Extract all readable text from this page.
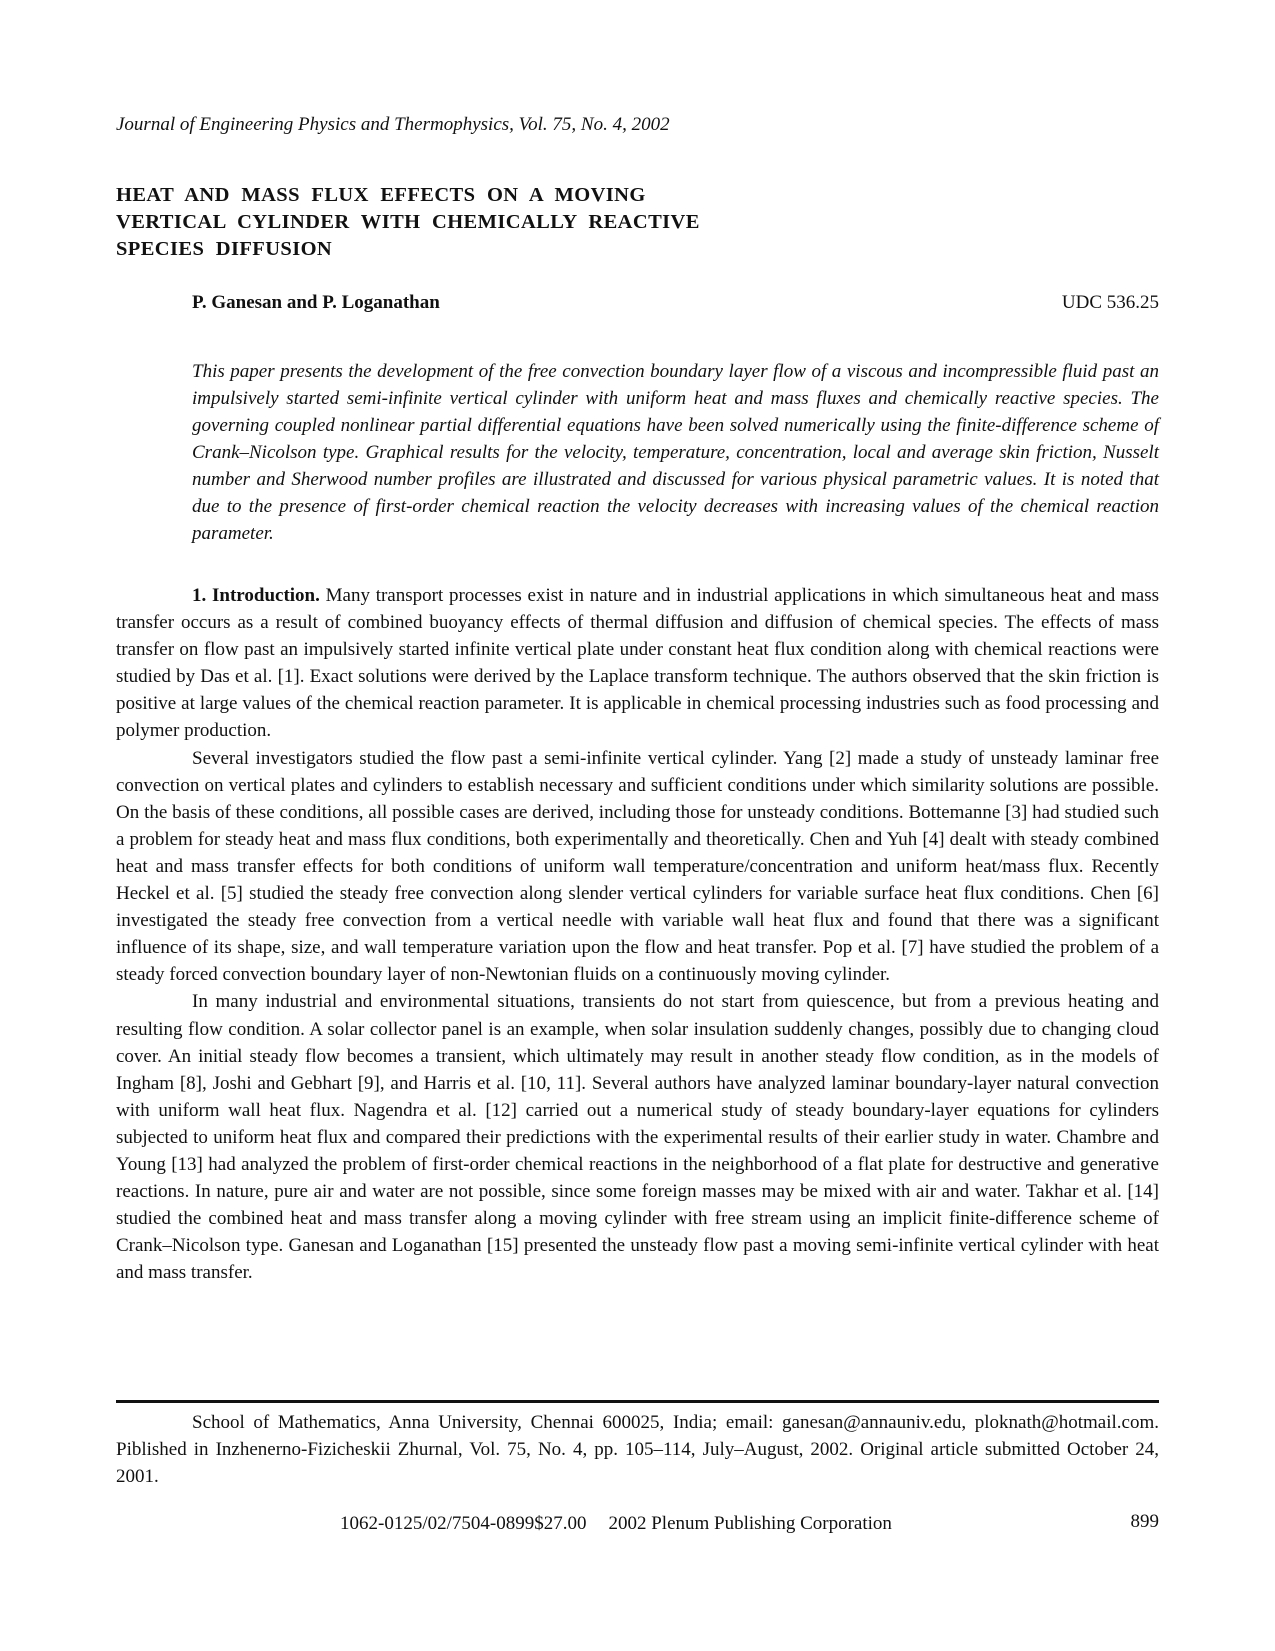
Journal of Engineering Physics and Thermophysics, Vol. 75, No. 4, 2002
HEAT AND MASS FLUX EFFECTS ON A MOVING
VERTICAL CYLINDER WITH CHEMICALLY REACTIVE
SPECIES DIFFUSION
P. Ganesan and P. Loganathan	UDC 536.25

This paper presents the development of the free convection boundary layer flow of a viscous and incompressible fluid past an impulsively started semi-infinite vertical cylinder with uniform heat and mass fluxes and chemically reactive species. The governing coupled nonlinear partial differential equations have been solved numerically using the finite-difference scheme of Crank–Nicolson type. Graphical results for the velocity, temperature, concentration, local and average skin friction, Nusselt number and Sherwood number profiles are illustrated and discussed for various physical parametric values. It is noted that due to the presence of first-order chemical reaction the velocity decreases with increasing values of the chemical reaction parameter.

1. Introduction. Many transport processes exist in nature and in industrial applications in which simultaneous heat and mass transfer occurs as a result of combined buoyancy effects of thermal diffusion and diffusion of chemical species. The effects of mass transfer on flow past an impulsively started infinite vertical plate under constant heat flux condition along with chemical reactions were studied by Das et al. [1]. Exact solutions were derived by the Laplace transform technique. The authors observed that the skin friction is positive at large values of the chemical reaction parameter. It is applicable in chemical processing industries such as food processing and polymer production.

Several investigators studied the flow past a semi-infinite vertical cylinder. Yang [2] made a study of unsteady laminar free convection on vertical plates and cylinders to establish necessary and sufficient conditions under which similarity solutions are possible. On the basis of these conditions, all possible cases are derived, including those for unsteady conditions. Bottemanne [3] had studied such a problem for steady heat and mass flux conditions, both experimentally and theoretically. Chen and Yuh [4] dealt with steady combined heat and mass transfer effects for both conditions of uniform wall temperature/concentration and uniform heat/mass flux. Recently Heckel et al. [5] studied the steady free convection along slender vertical cylinders for variable surface heat flux conditions. Chen [6] investigated the steady free convection from a vertical needle with variable wall heat flux and found that there was a significant influence of its shape, size, and wall temperature variation upon the flow and heat transfer. Pop et al. [7] have studied the problem of a steady forced convection boundary layer of non-Newtonian fluids on a continuously moving cylinder.

In many industrial and environmental situations, transients do not start from quiescence, but from a previous heating and resulting flow condition. A solar collector panel is an example, when solar insulation suddenly changes, possibly due to changing cloud cover. An initial steady flow becomes a transient, which ultimately may result in another steady flow condition, as in the models of Ingham [8], Joshi and Gebhart [9], and Harris et al. [10, 11]. Several authors have analyzed laminar boundary-layer natural convection with uniform wall heat flux. Nagendra et al. [12] carried out a numerical study of steady boundary-layer equations for cylinders subjected to uniform heat flux and compared their predictions with the experimental results of their earlier study in water. Chambre and Young [13] had analyzed the problem of first-order chemical reactions in the neighborhood of a flat plate for destructive and generative reactions. In nature, pure air and water are not possible, since some foreign masses may be mixed with air and water. Takhar et al. [14] studied the combined heat and mass transfer along a moving cylinder with free stream using an implicit finite-difference scheme of Crank–Nicolson type. Ganesan and Loganathan [15] presented the unsteady flow past a moving semi-infinite vertical cylinder with heat and mass transfer.

School of Mathematics, Anna University, Chennai 600025, India; email: ganesan@annauniv.edu, ploknath@hotmail.com. Piblished in Inzhenerno-Fizicheskii Zhurnal, Vol. 75, No. 4, pp. 105–114, July–August, 2002. Original article submitted October 24, 2001.

1062-0125/02/7504-0899$27.00 2002 Plenum Publishing Corporation	899
